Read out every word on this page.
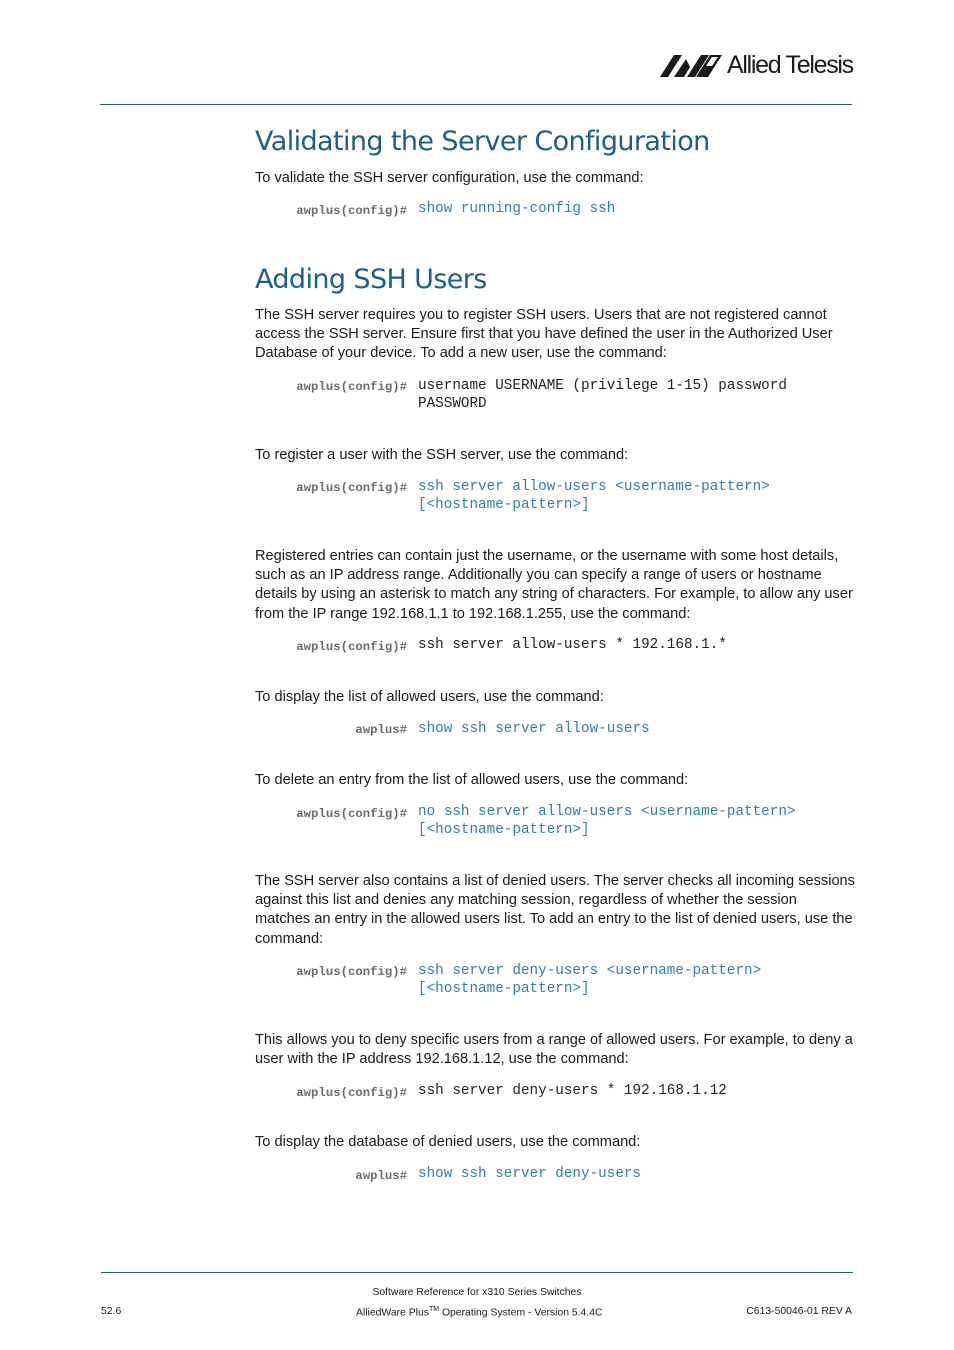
Allied Telesis
Validating the Server Configuration
To validate the SSH server configuration, use the command:
awplus(config)# show running-config ssh
Adding SSH Users
The SSH server requires you to register SSH users. Users that are not registered cannot access the SSH server. Ensure first that you have defined the user in the Authorized User Database of your device. To add a new user, use the command:
awplus(config)# username USERNAME (privilege 1-15) password
PASSWORD
To register a user with the SSH server, use the command:
awplus(config)# ssh server allow-users <username-pattern>
[<hostname-pattern>]
Registered entries can contain just the username, or the username with some host details, such as an IP address range. Additionally you can specify a range of users or hostname details by using an asterisk to match any string of characters. For example, to allow any user from the IP range 192.168.1.1 to 192.168.1.255, use the command:
awplus(config)# ssh server allow-users * 192.168.1.*
To display the list of allowed users, use the command:
awplus# show ssh server allow-users
To delete an entry from the list of allowed users, use the command:
awplus(config)# no ssh server allow-users <username-pattern>
[<hostname-pattern>]
The SSH server also contains a list of denied users. The server checks all incoming sessions against this list and denies any matching session, regardless of whether the session matches an entry in the allowed users list. To add an entry to the list of denied users, use the command:
awplus(config)# ssh server deny-users <username-pattern>
[<hostname-pattern>]
This allows you to deny specific users from a range of allowed users. For example, to deny a user with the IP address 192.168.1.12, use the command:
awplus(config)# ssh server deny-users * 192.168.1.12
To display the database of denied users, use the command:
awplus# show ssh server deny-users
Software Reference for x310 Series Switches
52.6	AlliedWare Plus™ Operating System - Version 5.4.4C	C613-50046-01 REV A
